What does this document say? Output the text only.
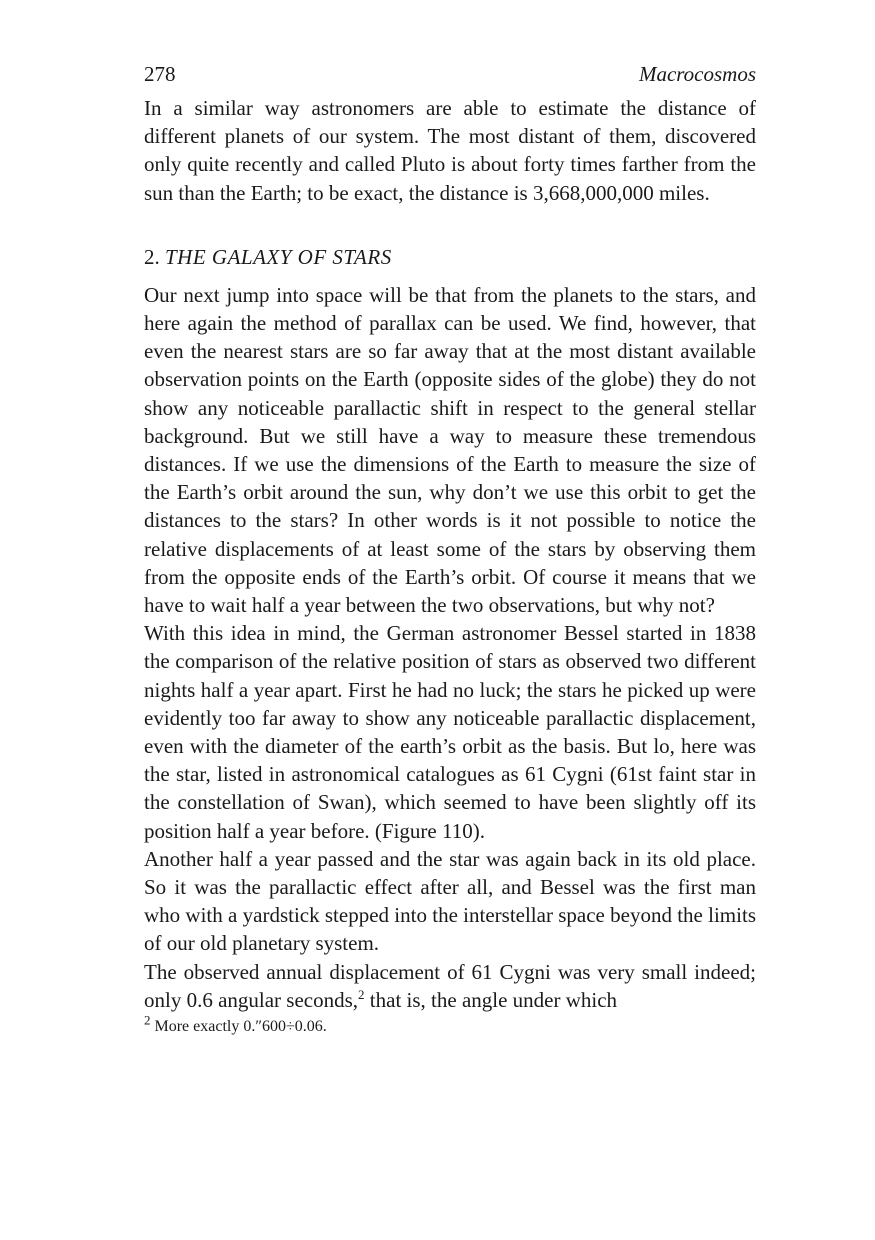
278	Macrocosmos

In a similar way astronomers are able to estimate the distance of different planets of our system. The most distant of them, discovered only quite recently and called Pluto is about forty times farther from the sun than the Earth; to be exact, the distance is 3,668,000,000 miles.

2. THE GALAXY OF STARS

Our next jump into space will be that from the planets to the stars, and here again the method of parallax can be used. We find, however, that even the nearest stars are so far away that at the most distant available observation points on the Earth (opposite sides of the globe) they do not show any noticeable parallactic shift in respect to the general stellar background. But we still have a way to measure these tremendous distances. If we use the dimensions of the Earth to measure the size of the Earth’s orbit around the sun, why don’t we use this orbit to get the distances to the stars? In other words is it not possible to notice the relative displacements of at least some of the stars by observing them from the opposite ends of the Earth’s orbit. Of course it means that we have to wait half a year between the two observations, but why not?

With this idea in mind, the German astronomer Bessel started in 1838 the comparison of the relative position of stars as observed two different nights half a year apart. First he had no luck; the stars he picked up were evidently too far away to show any noticeable parallactic displacement, even with the diameter of the earth’s orbit as the basis. But lo, here was the star, listed in astronomical catalogues as 61 Cygni (61st faint star in the constellation of Swan), which seemed to have been slightly off its position half a year before. (Figure 110).

Another half a year passed and the star was again back in its old place. So it was the parallactic effect after all, and Bessel was the first man who with a yardstick stepped into the interstellar space beyond the limits of our old planetary system.

The observed annual displacement of 61 Cygni was very small indeed; only 0.6 angular seconds,$^2$ that is, the angle under which

$^2$ More exactly 0.″600÷0.06.
